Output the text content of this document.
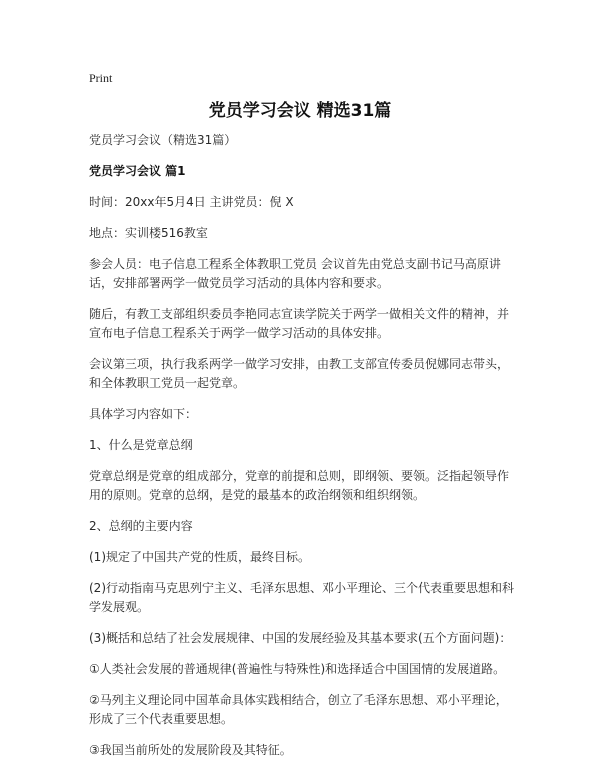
Print
党员学习会议 精选31篇

党员学习会议（精选31篇）

党员学习会议 篇1

时间：20xx年5月4日 主讲党员：倪 X

地点：实训楼516教室

参会人员：电子信息工程系全体教职工党员 会议首先由党总支副书记马高原讲话，安排部署两学一做党员学习活动的具体内容和要求。

随后，有教工支部组织委员李艳同志宣读学院关于两学一做相关文件的精神，并宣布电子信息工程系关于两学一做学习活动的具体安排。

会议第三项，执行我系两学一做学习安排，由教工支部宣传委员倪娜同志带头，和全体教职工党员一起党章。

具体学习内容如下：

1、什么是党章总纲

党章总纲是党章的组成部分，党章的前提和总则，即纲领、要领。泛指起领导作用的原则。党章的总纲，是党的最基本的政治纲领和组织纲领。

2、总纲的主要内容

(1)规定了中国共产党的性质，最终目标。

(2)行动指南马克思列宁主义、毛泽东思想、邓小平理论、三个代表重要思想和科学发展观。

(3)概括和总结了社会发展规律、中国的发展经验及其基本要求(五个方面问题)：

①人类社会发展的普通规律(普遍性与特殊性)和选择适合中国国情的发展道路。

②马列主义理论同中国革命具体实践相结合，创立了毛泽东思想、邓小平理论，形成了三个代表重要思想。

③我国当前所处的发展阶段及其特征。
